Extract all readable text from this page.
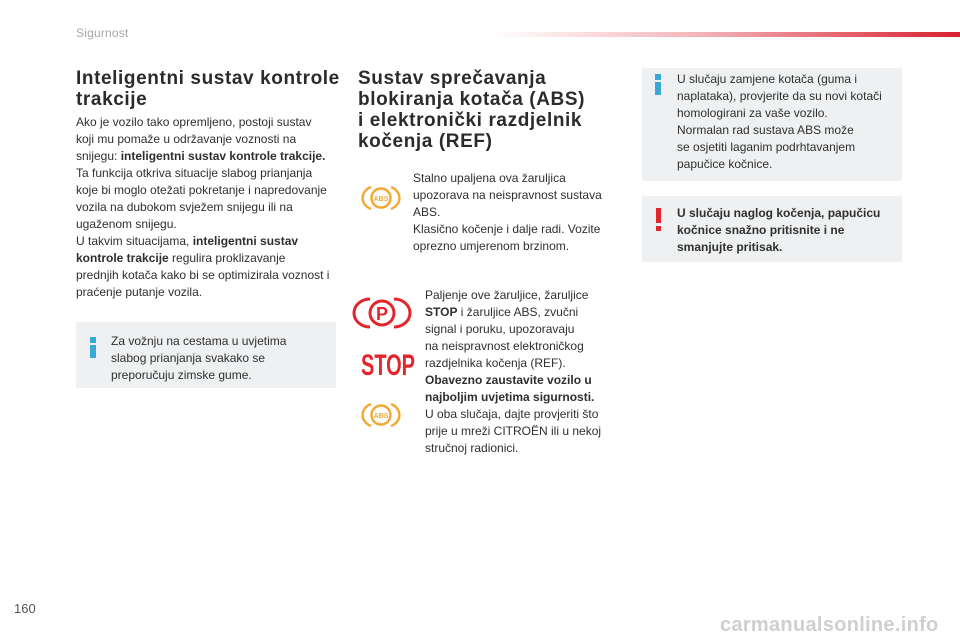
Sigurnost
Inteligentni sustav kontrole
trakcije
Ako je vozilo tako opremljeno, postoji sustav
koji mu pomaže u održavanje voznosti na
snijegu: inteligentni sustav kontrole trakcije.
Ta funkcija otkriva situacije slabog prianjanja
koje bi moglo otežati pokretanje i napredovanje
vozila na dubokom svježem snijegu ili na
ugaženom snijegu.
U takvim situacijama, inteligentni sustav
kontrole trakcije regulira proklizavanje
prednjih kotača kako bi se optimizirala voznost i
praćenje putanje vozila.
Za vožnju na cestama u uvjetima
slabog prianjanja svakako se
preporučuju zimske gume.
Sustav sprečavanja
blokiranja kotača (ABS)
i elektronički razdjelnik
kočenja (REF)
ABS
Stalno upaljena ova žaruljica
upozorava na neispravnost sustava
ABS.
Klasično kočenje i dalje radi. Vozite
oprezno umjerenom brzinom.
P
STOP
ABS
Paljenje ove žaruljice, žaruljice
STOP i žaruljice ABS, zvučni
signal i poruku, upozoravaju
na neispravnost elektroničkog
razdjelnika kočenja (REF).
Obavezno zaustavite vozilo u
najboljim uvjetima sigurnosti.
U oba slučaja, dajte provjeriti što
prije u mreži CITROËN ili u nekoj
stručnoj radionici.
U slučaju zamjene kotača (guma i
naplataka), provjerite da su novi kotači
homologirani za vaše vozilo.
Normalan rad sustava ABS može
se osjetiti laganim podrhtavanjem
papučice kočnice.
U slučaju naglog kočenja, papučicu
kočnice snažno pritisnite i ne
smanjujte pritisak.
160
carmanualsonline.info
